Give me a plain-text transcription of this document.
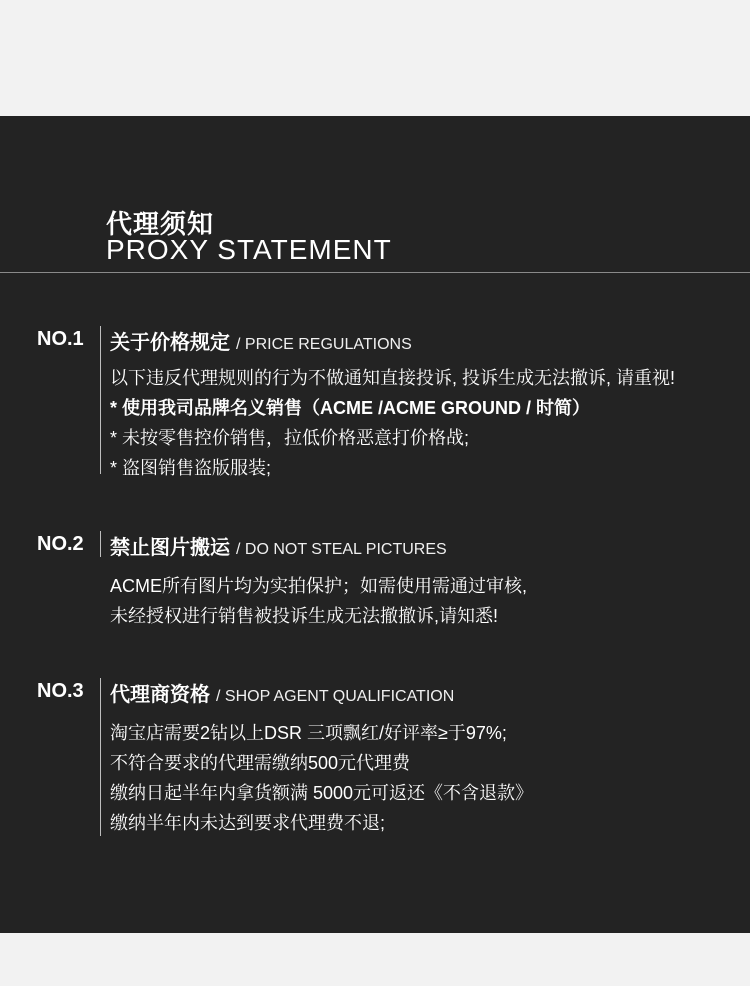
代理须知
PROXY STATEMENT
NO.1 关于价格规定 / PRICE REGULATIONS
以下违反代理规则的行为不做通知直接投诉, 投诉生成无法撤诉, 请重视!
* 使用我司品牌名义销售（ACME /ACME GROUND / 时简）
* 未按零售控价销售，拉低价格恶意打价格战;
* 盗图销售盗版服装;
NO.2 禁止图片搬运 / DO NOT STEAL PICTURES
ACME所有图片均为实拍保护；如需使用需通过审核,
未经授权进行销售被投诉生成无法撤撤诉,请知悉!
NO.3 代理商资格 / SHOP AGENT QUALIFICATION
淘宝店需要2钻以上DSR 三项飘红/好评率≥于97%;
不符合要求的代理需缴纳500元代理费
缴纳日起半年内拿货额满 5000元可返还《不含退款》
缴纳半年内未达到要求代理费不退;
